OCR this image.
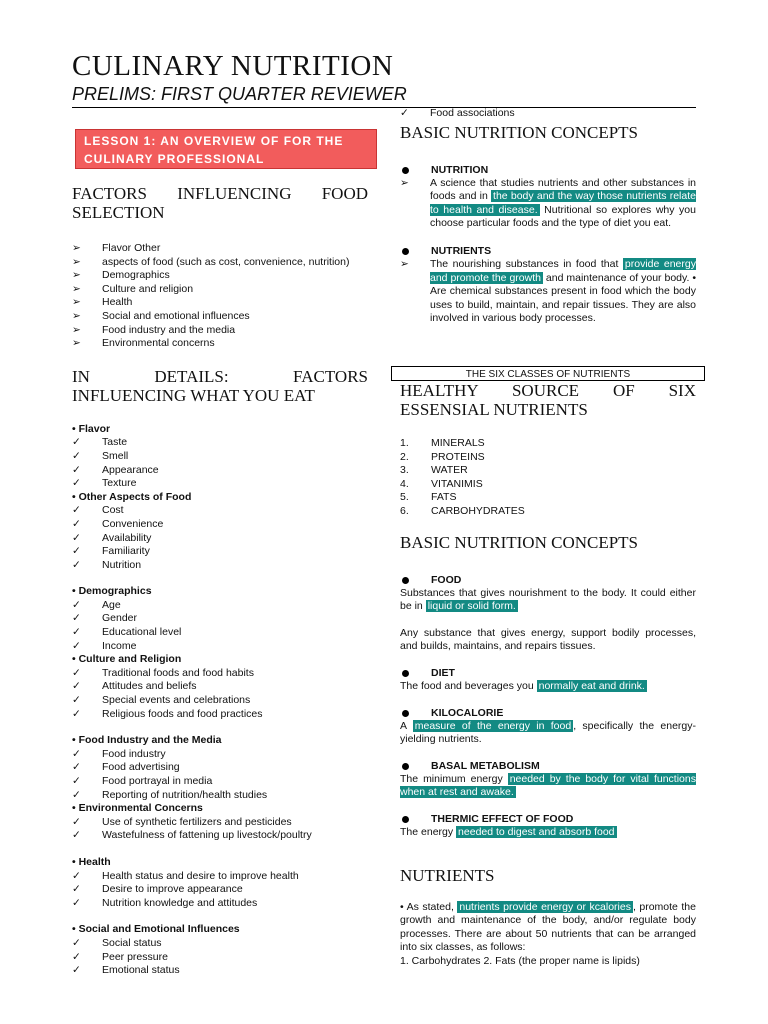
CULINARY NUTRITION
PRELIMS: FIRST QUARTER REVIEWER
LESSON 1: AN OVERVIEW OF FOR THE CULINARY PROFESSIONAL
FACTORS INFLUENCING FOOD
SELECTION
➢	Flavor Other
➢	aspects of food (such as cost, convenience, nutrition)
➢	Demographics
➢	Culture and religion
➢	Health
➢	Social and emotional influences
➢	Food industry and the media
➢	Environmental concerns
IN DETAILS: FACTORS
INFLUENCING WHAT YOU EAT
• Flavor
✓	Taste
✓	Smell
✓	Appearance
✓	Texture
• Other Aspects of Food
✓	Cost
✓	Convenience
✓	Availability
✓	Familiarity
✓	Nutrition
• Demographics
✓	Age
✓	Gender
✓	Educational level
✓	Income
• Culture and Religion
✓	Traditional foods and food habits
✓	Attitudes and beliefs
✓	Special events and celebrations
✓	Religious foods and food practices
• Food Industry and the Media
✓	Food industry
✓	Food advertising
✓	Food portrayal in media
✓	Reporting of nutrition/health studies
• Environmental Concerns
✓	Use of synthetic fertilizers and pesticides
✓	Wastefulness of fattening up livestock/poultry
• Health
✓	Health status and desire to improve health
✓	Desire to improve appearance
✓	Nutrition knowledge and attitudes
• Social and Emotional Influences
✓	Social status
✓	Peer pressure
✓	Emotional status
✓	Food associations
BASIC NUTRITION CONCEPTS
NUTRITION
➢	A science that studies nutrients and other substances in foods and in the body and the way those nutrients relate to health and disease. Nutritional so explores why you choose particular foods and the type of diet you eat.
NUTRIENTS
➢	The nourishing substances in food that provide energy and promote the growth and maintenance of your body. • Are chemical substances present in food which the body uses to build, maintain, and repair tissues. They are also involved in various body processes.
THE SIX CLASSES OF NUTRIENTS
HEALTHY SOURCE OF SIX
ESSENSIAL NUTRIENTS
1. MINERALS
2. PROTEINS
3. WATER
4. VITANIMIS
5. FATS
6. CARBOHYDRATES
BASIC NUTRITION CONCEPTS
FOOD
Substances that gives nourishment to the body. It could either be in liquid or solid form.
Any substance that gives energy, support bodily processes, and builds, maintains, and repairs tissues.
DIET
The food and beverages you normally eat and drink.
KILOCALORIE
A measure of the energy in food , specifically the energy-yielding nutrients.
BASAL METABOLISM
The minimum energy needed by the body for vital functions when at rest and awake.
THERMIC EFFECT OF FOOD
The energy needed to digest and absorb food
NUTRIENTS
• As stated, nutrients provide energy or kcalories , promote the growth and maintenance of the body, and/or regulate body processes. There are about 50 nutrients that can be arranged into six classes, as follows:
1. Carbohydrates 2. Fats (the proper name is lipids)
